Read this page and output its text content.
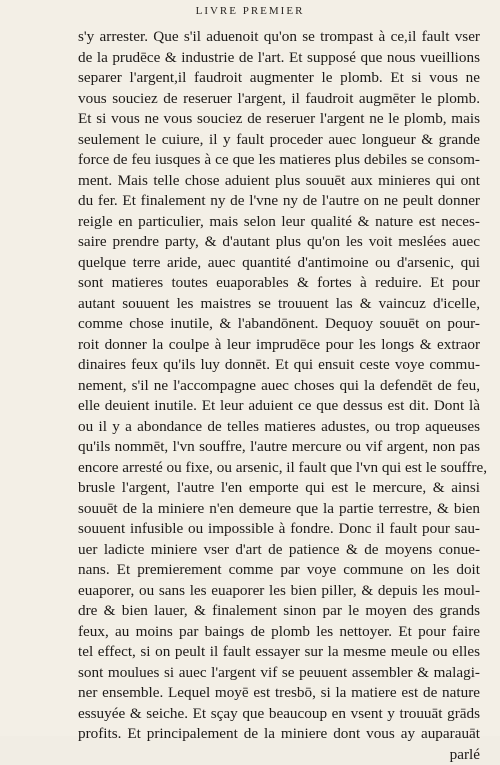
LIVRE PREMIER
s'y arrester. Que s'il aduenoit qu'on se trompast à ce,il fault vser
de la prudēce & industrie de l'art. Et supposé que nous vueillions
separer l'argent,il faudroit augmenter le plomb. Et si vous ne
vous souciez de reseruer l'argent, il faudroit augmēter le plomb.
Et si vous ne vous souciez de reseruer l'argent ne le plomb, mais
seulement le cuiure, il y fault proceder auec longueur & grande
force de feu iusques à ce que les matieres plus debiles se consom-
ment. Mais telle chose aduient plus souuēt aux minieres qui ont
du fer. Et finalement ny de l'vne ny de l'autre on ne peult donner
reigle en particulier, mais selon leur qualité & nature est neces-
saire prendre party, & d'autant plus qu'on les voit meslées auec
quelque terre aride, auec quantité d'antimoine ou d'arsenic, qui
sont matieres toutes euaporables & fortes à reduire. Et pour
autant souuent les maistres se trouuent las & vaincuz d'icelle,
comme chose inutile, & l'abandōnent. Dequoy souuēt on pour-
roit donner la coulpe à leur imprudēce pour les longs & extraor
dinaires feux qu'ils luy donnēt. Et qui ensuit ceste voye commu-
nement, s'il ne l'accompagne auec choses qui la defendēt de feu,
elle deuient inutile. Et leur aduient ce que dessus est dit. Dont là
ou il y a abondance de telles matieres adustes, ou trop aqueuses
qu'ils nommēt, l'vn souffre, l'autre mercure ou vif argent, non pas
encore arresté ou fixe, ou arsenic, il fault que l'vn qui est le souffre,
brusle l'argent, l'autre l'en emporte qui est le mercure, & ainsi
souuēt de la miniere n'en demeure que la partie terrestre, & bien
souuent infusible ou impossible à fondre. Donc il fault pour sau-
uer ladicte miniere vser d'art de patience & de moyens conue-
nans. Et premierement comme par voye commune on les doit
euaporer, ou sans les euaporer les bien piller, & depuis les moul-
dre & bien lauer, & finalement sinon par le moyen des grands
feux, au moins par baings de plomb les nettoyer. Et pour faire
tel effect, si on peult il fault essayer sur la mesme meule ou elles
sont moulues si auec l'argent vif se peuuent assembler & malagi-
ner ensemble. Lequel moyē est tresbō, si la matiere est de nature
essuyée & seiche. Et sçay que beaucoup en vsent y trouuāt grāds
profits. Et principalement de la miniere dont vous ay auparauāt
parlé
